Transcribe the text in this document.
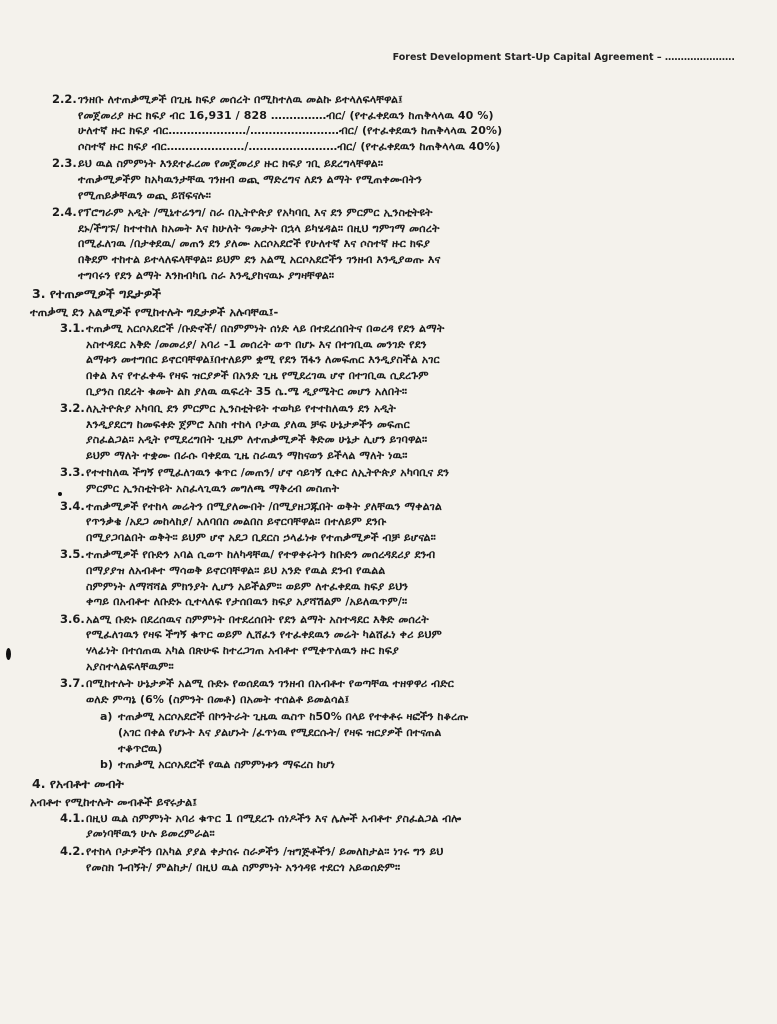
Forest Development Start-Up Capital Agreement – ………………….
2.2. ገንዘቡ ለተጠቃሚዎች በጊዜ ክፍያ መሰረት በሚከተለዉ መልኩ ይተላለፍላቸዋል፤
የመጀመሪያ ዙር ክፍያ ብር 16,931 / 828 ……………ብር/ (የተፈቀደዉን ከጠቅላላዉ 40 %)
ሁለተኛ ዙር ክፍያ ብር…………………/……………………ብር/ (የተፈቀደዉን ከጠቅላላዉ 20%)
ሶስተኛ ዙር ክፍያ ብር…………………/……………………ብር/ (የተፈቀደዉን ከጠቅላላዉ 40%)
2.3. ይህ ዉል ስምምነት እንደተፈረመ የመጀመሪያ ዙር ክፍያ ገቢ ይደረግላቸዋል።
ተጠቃሚዎችም ከአካዉንታቸዉ ገንዘብ ወጪ ማድረግና ለደን ልማት የሚጠቀሙበትን
የሚጠይቃቸዉን ወጪ ይሸፍናሉ።
2.4. የፕሮግራም አዲት /ሚኒተሬንግ/ ስራ በኢትዮጵያ የአካባቢ እና ደን ምርምር ኢንስቲትዩት
ደኑ/ችግኙ/ ከተተከለ ከአመት እና ከሁለት ዓመታት በኋላ ይካሄዳል። በዚህ ግምገማ መሰረት
በሚፈለገዉ /በታቀደዉ/ መጠን ደን ያለሙ አርሶአደሮች የሁለተኛ እና ሶስተኛ ዙር ክፍያ
በቅደም ተከተል ይተላለፍላቸዋል። ይህም ደን አልሚ አርሶአደሮችን ገንዘብ እንዲያወጡ እና
ተግባሩን የደን ልማት እንክብካቤ ስራ እንዲያከናዉኑ ያግዛቸዋል።
3. የተጠቃሚዎች ግዴታዎች
ተጠቃሚ ደን አልሚዎች የሚከተሉት ግዴታዎች አሉባቸዉ፤-
3.1. ተጠቃሚ አርሶአደሮች /ቡድኖች/ በስምምነት ሰነድ ላይ በተደረሰበትና በወረዳ የደን ልማት
አስተዳደር አቅድ /መመሪያ/ አባሪ -1 መሰረት ወጥ በሆኑ እና በተገቢዉ መንገድ የደን
ልማቱን መተግበር ይኖርባቸዋል፤በተለይም ቋሚ የደን ሽፋን ለመፍጠር እንዲያስችል አገር
በቀል እና የተፈቀዱ የዛፍ ዝርያዎች በአንድ ጊዜ የሚደረገዉ ሆኖ በተገቢዉ ሲደረጉም
ቢያንስ በደረት ቁመት ልክ ያለዉ ዉፍረት 35 ሴ.ሜ ዲያሜትር መሆን አለበት።
3.2. ለኢትዮጵያ አካባቢ ደን ምርምር ኢንስቲትዩት ተወካይ የተተከለዉን ደን አዲት
እንዲያደርግ ከመፍቀድ ጀምሮ እስከ ተከላ ቦታዉ ያለዉ ቻፍ ሁኔታዎችን መፍጠር
ያስፈልጋል። አዲት የሚደረግበት ጊዜም ለተጠቃሚዎች ቅድመ ሁኔታ ሊሆን ይገባዋል።
ይህም ማለት ተቋሙ በራሱ ባቀደዉ ጊዜ ስራዉን ማከናወን ይችላል ማለት ነዉ።
3.3. የተተከለዉ ችግኝ የሚፈለገዉን ቁጥር /መጠን/ ሆኖ ሳይገኝ ሲቀር ለኢትዮጵያ አካባቢና ደን
ምርምር ኢንስቲትዩት አስፈላጊዉን መግለጫ ማቅረብ መስጠት
3.4. ተጠቃሚዎች የተከላ መሬትን በሚያለሙበት /በሚያዘጋጁበት ወቅት ያለቸዉን ማቀልገል
የጥንቃቄ /አደጋ መከላከያ/ አለባበስ መልበስ ይኖርባቸዋል። በተለይም ደንቡ
በሚያጋባልበት ወቅት። ይህም ሆኖ አደጋ ቢደርስ ኃላፊነቱ የተጠቃሚዎች ብቻ ይሆናል።
3.5. ተጠቃሚዎች የቡድን አባል ሲወጥ ከለካዳቸዉ/ የተዋቀሩትን ከቡድን መሰረዳደሪያ ደንብ
በማያያዝ ለአብቶተ ማሳወቅ ይኖርባቸዋል። ይህ አንድ የዉል ደንብ የዉልል
ስምምነት ለማሻሻል ምክንያት ሊሆን አይችልም። ወይም ለተፈቀደዉ ክፍያ ይህን
ቀጣይ በአብቶተ ለቡድኑ ሲተላለፍ የታሰበዉን ክፍያ አያሻሽልም /አይለዉጥም/።
3.6. አልሚ ቡድኑ በደረሰዉና ስምምነት በተደረሰበት የደን ልማት አስተዳደር እቅድ መሰረት
የሚፈለገዉን የዛፍ ችግኝ ቁጥር ወይም ሊሸፈን የተፈቀደዉን መሬት ካልሸፈነ ቀሪ ይህም
ሃላፊነት በተሰጠዉ አካል በጽሁፍ ከተረጋገጠ አብቶተ የሚቀጥለዉን ዙር ክፍያ
አያስተላልፍላቸዉም።
3.7. በሚከተሉት ሁኔታዎች አልሚ ቡድኑ የወሰደዉን ገንዘብ በአብቶተ የወጣቸዉ ተዘዋዋሪ ብድር
ወለድ ምጣኔ (6% (ስምንት በመቶ) በአመት ተሰልቶ ይመልሳል፤
a) ተጠቃሚ አርሶአደሮች በኮንትራት ጊዜዉ ዉስጥ ከ50% በላይ የተቀቶሩ ዛፎችን ከቆረጡ
(አገር በቀል የሆኑት እና ያልሆኑት /ፈጥነዉ የሚደርሱት/ የዛፍ ዝርያዎች በተናጠል
ተቆጥሮዉ)
b) ተጠቃሚ አርሶአደሮች የዉል ስምምነቱን ማፍረስ ከሆነ
4. የአብቶተ መብት
አብቶተ የሚከተሉት መብቶች ይኖሩታል፤
4.1. በዚህ ዉል ስምምነት አባሪ ቁጥር 1 በሚደረጉ ሰነዶችን እና ሌሎች አብቶተ ያስፈልጋል ብሎ
ያመነባቸዉን ሁሉ ይመረምራል።
4.2. የተከላ ቦታዎችን በአካል ያያል ቀታሰሩ ስራዎችን /ዝግጅቶችን/ ይመለከታል። ነገሩ ግን ይህ
የመስክ ጉብኝት/ ምልከታ/ በዚህ ዉል ስምምነት አንጎዳዩ ተደርጎ አይወሰድም።
